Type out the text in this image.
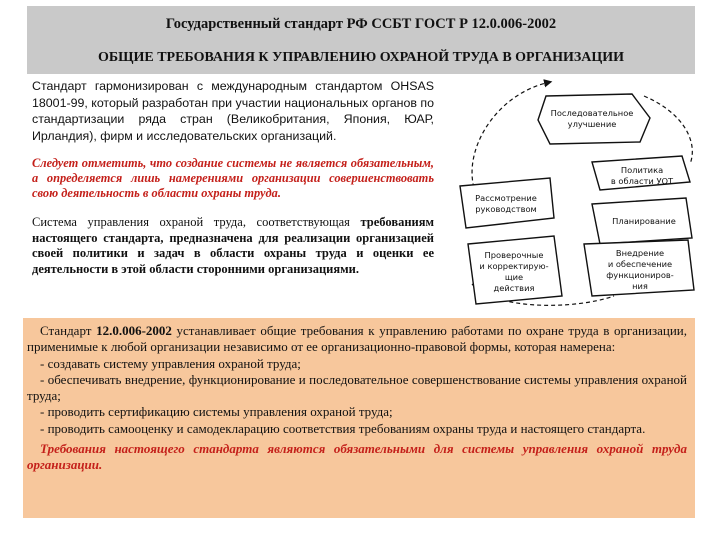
Государственный стандарт РФ ССБТ ГОСТ Р 12.0.006-2002
ОБЩИЕ ТРЕБОВАНИЯ К УПРАВЛЕНИЮ ОХРАНОЙ ТРУДА В ОРГАНИЗАЦИИ
Стандарт гармонизирован с международным стандартом OHSAS 18001-99, который разработан при участии национальных органов по стандартизации ряда стран (Великобритания, Япония, ЮАР, Ирландия), фирм и исследовательских организаций.
Следует отметить, что создание системы не является обязательным, а определяется лишь намерениями организации совершенствовать свою деятельность в области охраны труда.
Система управления охраной труда, соответствующая требованиям настоящего стандарта, предназначена для реализации организацией своей политики и задач в области охраны труда и оценки ее деятельности в этой области сторонними организациями.
Последовательное
улучшение
Политика
в области УОТ
Рассмотрение
руководством
Планирование
Проверочные
и корректирую-
щие
действия
Внедрение
и обеспечение
функциониров-
ния

Стандарт 12.0.006-2002 устанавливает общие требования к управлению работами по охране труда в организации, применимые к любой организации независимо от ее организационно-правовой формы, которая намерена:

- создавать систему управления охраной труда;

- обеспечивать внедрение, функционирование и последовательное совершенствование системы управления охраной труда;

- проводить сертификацию системы управления охраной труда;

- проводить самооценку и самодекларацию соответствия требованиям охраны труда и настоящего стандарта.

Требования настоящего стандарта являются обязательными для системы управления охраной труда организации.
